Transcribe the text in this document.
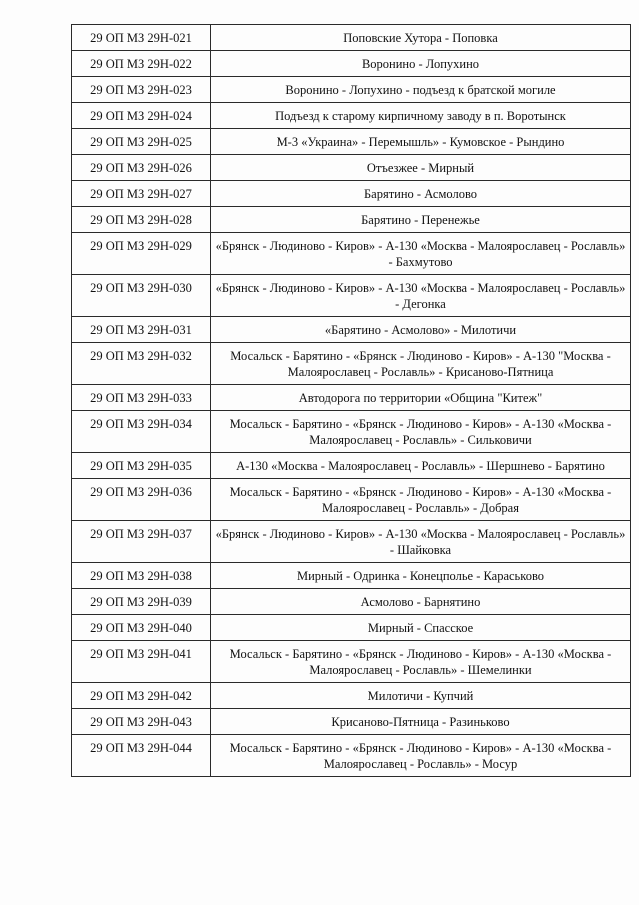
29 ОП МЗ 29Н-021	Поповские Хутора - Поповка
29 ОП МЗ 29Н-022	Воронино - Лопухино
29 ОП МЗ 29Н-023	Воронино - Лопухино - подъезд к братской могиле
29 ОП МЗ 29Н-024	Подъезд к старому кирпичному заводу в п. Воротынск
29 ОП МЗ 29Н-025	М-3 «Украина» - Перемышль» - Кумовское - Рындино
29 ОП МЗ 29Н-026	Отъезжее - Мирный
29 ОП МЗ 29Н-027	Барятино - Асмолово
29 ОП МЗ 29Н-028	Барятино - Перенежье
29 ОП МЗ 29Н-029	«Брянск - Людиново - Киров» - А-130 «Москва - Малоярославец - Рославль» - Бахмутово
29 ОП МЗ 29Н-030	«Брянск - Людиново - Киров» - А-130 «Москва - Малоярославец - Рославль» - Дегонка
29 ОП МЗ 29Н-031	«Барятино - Асмолово» - Милотичи
29 ОП МЗ 29Н-032	Мосальск - Барятино - «Брянск - Людиново - Киров» - А-130 "Москва - Малоярославец - Рославль» - Крисаново-Пятница
29 ОП МЗ 29Н-033	Автодорога по территории «Община "Китеж"
29 ОП МЗ 29Н-034	Мосальск - Барятино - «Брянск - Людиново - Киров» - А-130 «Москва - Малоярославец - Рославль» - Сильковичи
29 ОП МЗ 29Н-035	А-130 «Москва - Малоярославец - Рославль» - Шершнево - Барятино
29 ОП МЗ 29Н-036	Мосальск - Барятино - «Брянск - Людиново - Киров» - А-130 «Москва - Малоярославец - Рославль» - Добрая
29 ОП МЗ 29Н-037	«Брянск - Людиново - Киров» - А-130 «Москва - Малоярославец - Рославль» - Шайковка
29 ОП МЗ 29Н-038	Мирный - Одринка - Конецполье - Караськово
29 ОП МЗ 29Н-039	Асмолово - Барнятино
29 ОП МЗ 29Н-040	Мирный - Спасское
29 ОП МЗ 29Н-041	Мосальск - Барятино - «Брянск - Людиново - Киров» - А-130 «Москва - Малоярославец - Рославль» - Шемелинки
29 ОП МЗ 29Н-042	Милотичи - Купчий
29 ОП МЗ 29Н-043	Крисаново-Пятница - Разиньково
29 ОП МЗ 29Н-044	Мосальск - Барятино - «Брянск - Людиново - Киров» - А-130 «Москва - Малоярославец - Рославль» - Мосур
